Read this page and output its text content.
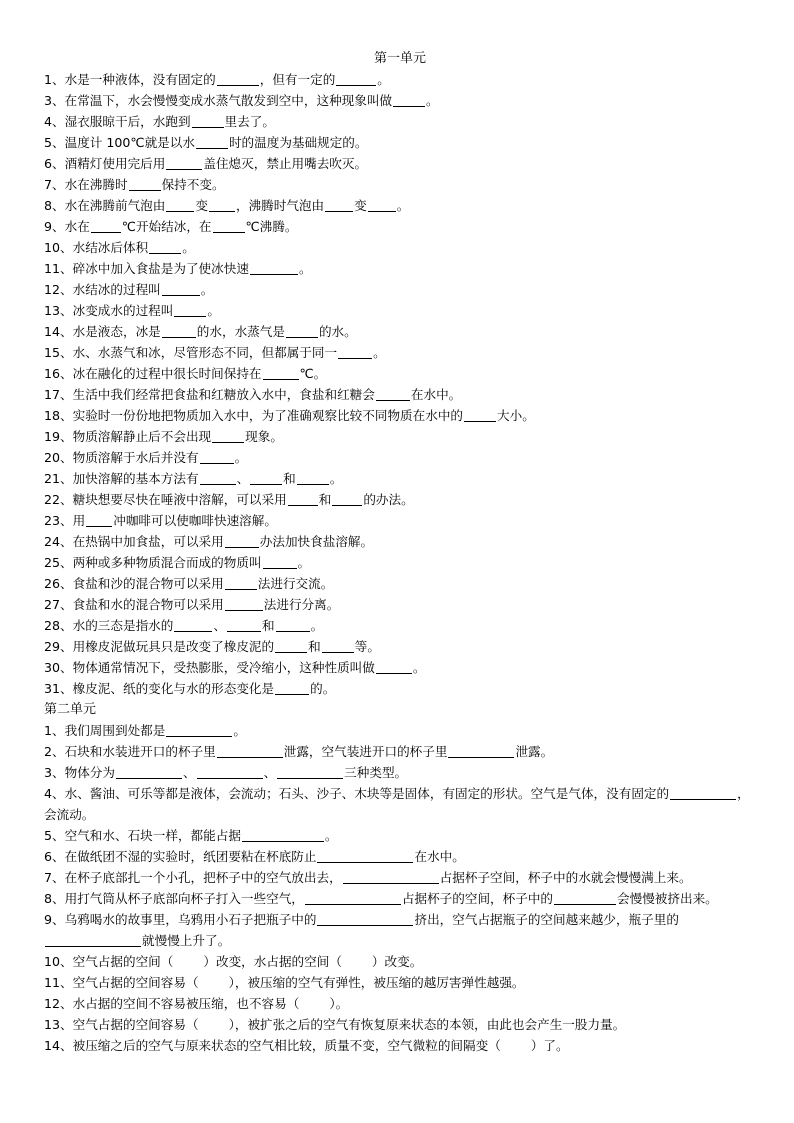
第一单元
1、水是一种液体，没有固定的	，但有一定的	。
3、在常温下，水会慢慢变成水蒸气散发到空中，这种现象叫做	。
4、湿衣服晾干后，水跑到	里去了。
5、温度计 100℃就是以水	时的温度为基础规定的。
6、酒精灯使用完后用	盖住熄灭，禁止用嘴去吹灭。
7、水在沸腾时	保持不变。
8、水在沸腾前气泡由 变 ，沸腾时气泡由 变 。
9、水在	℃开始结冰，在	℃沸腾。
10、水结冰后体积	。
11、碎冰中加入食盐是为了使冰快速	。
12、水结冰的过程叫	。
13、冰变成水的过程叫	。
14、水是液态，冰是	的水，水蒸气是	的水。
15、水、水蒸气和冰，尽管形态不同，但都属于同一	。
16、冰在融化的过程中很长时间保持在	℃。
17、生活中我们经常把食盐和红糖放入水中，食盐和红糖会	在水中。
18、实验时一份份地把物质加入水中，为了准确观察比较不同物质在水中的	大小。
19、物质溶解静止后不会出现	现象。
20、物质溶解于水后并没有	。
21、加快溶解的基本方法有	、	和	。
22、糖块想要尽快在唾液中溶解，可以采用	和	的办法。
23、用 冲咖啡可以使咖啡快速溶解。
24、在热锅中加食盐，可以采用	办法加快食盐溶解。
25、两种或多种物质混合而成的物质叫	。
26、食盐和沙的混合物可以采用	法进行交流。
27、食盐和水的混合物可以采用	法进行分离。
28、水的三态是指水的	、	和	。
29、用橡皮泥做玩具只是改变了橡皮泥的	和	等。
30、物体通常情况下，受热膨胀，受冷缩小，这种性质叫做	。
31、橡皮泥、纸的变化与水的形态变化是	的。
第二单元
1、我们周围到处都是	。
2、石块和水装进开口的杯子里	泄露，空气装进开口的杯子里	泄露。
3、物体分为	、	、	三种类型。
4、水、酱油、可乐等都是液体，会流动；石头、沙子、木块等是固体，有固定的形状。空气是气体，没有固定的	，会流动。
5、空气和水、石块一样，都能占据	。
6、在做纸团不湿的实验时，纸团要粘在杯底防止	在水中。
7、在杯子底部扎一个小孔，把杯子中的空气放出去，	占据杯子空间，杯子中的水就会慢慢满上来。
8、用打气筒从杯子底部向杯子打入一些空气，	占据杯子的空间，杯子中的	会慢慢被挤出来。
9、乌鸦喝水的故事里，乌鸦用小石子把瓶子中的	挤出，空气占据瓶子的空间越来越少，瓶子里的就慢慢上升了。
10、空气占据的空间（ ）改变，水占据的空间（ ）改变。
11、空气占据的空间容易（ ），被压缩的空气有弹性，被压缩的越厉害弹性越强。
12、水占据的空间不容易被压缩，也不容易（ ）。
13、空气占据的空间容易（ ），被扩张之后的空气有恢复原来状态的本领，由此也会产生一股力量。
14、被压缩之后的空气与原来状态的空气相比较，质量不变，空气微粒的间隔变（ ）了。
